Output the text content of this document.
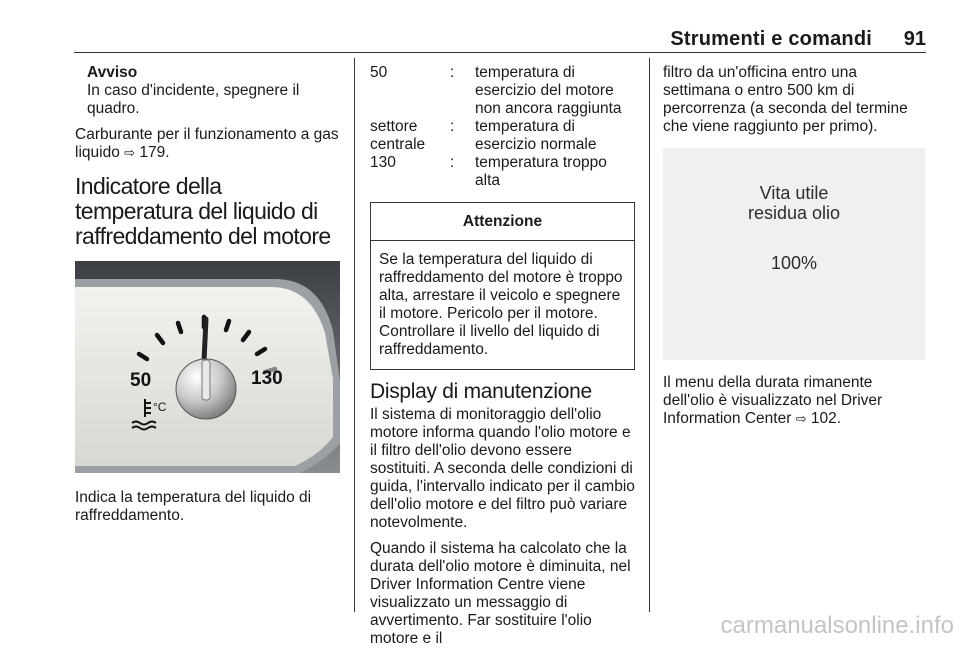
Strumenti e comandi 91
Avviso
In caso d'incidente, spegnere il quadro.

Carburante per il funzionamento a gas liquido ⇨ 179.

Indicatore della temperatura del liquido di raffreddamento del motore
50	130
°C

Indica la temperatura del liquido di raffreddamento.

50	:	temperatura di esercizio del motore non ancora raggiunta
settore centrale	:	temperatura di esercizio normale
130	:	temperatura troppo alta
Attenzione
Se la temperatura del liquido di raffreddamento del motore è troppo alta, arrestare il veicolo e spegnere il motore. Pericolo per il motore. Controllare il livello del liquido di raffreddamento.
Display di manutenzione

Il sistema di monitoraggio dell'olio motore informa quando l'olio motore e il filtro dell'olio devono essere sostituiti. A seconda delle condizioni di guida, l'intervallo indicato per il cambio dell'olio motore e del filtro può variare notevolmente.

Quando il sistema ha calcolato che la durata dell'olio motore è diminuita, nel Driver Information Centre viene visualizzato un messaggio di avvertimento. Far sostituire l'olio motore e il

filtro da un'officina entro una settimana o entro 500 km di percorrenza (a seconda del termine che viene raggiunto per primo).

Vita utile
residua olio
100%

Il menu della durata rimanente dell'olio è visualizzato nel Driver Information Center ⇨ 102.

carmanualsonline.info
